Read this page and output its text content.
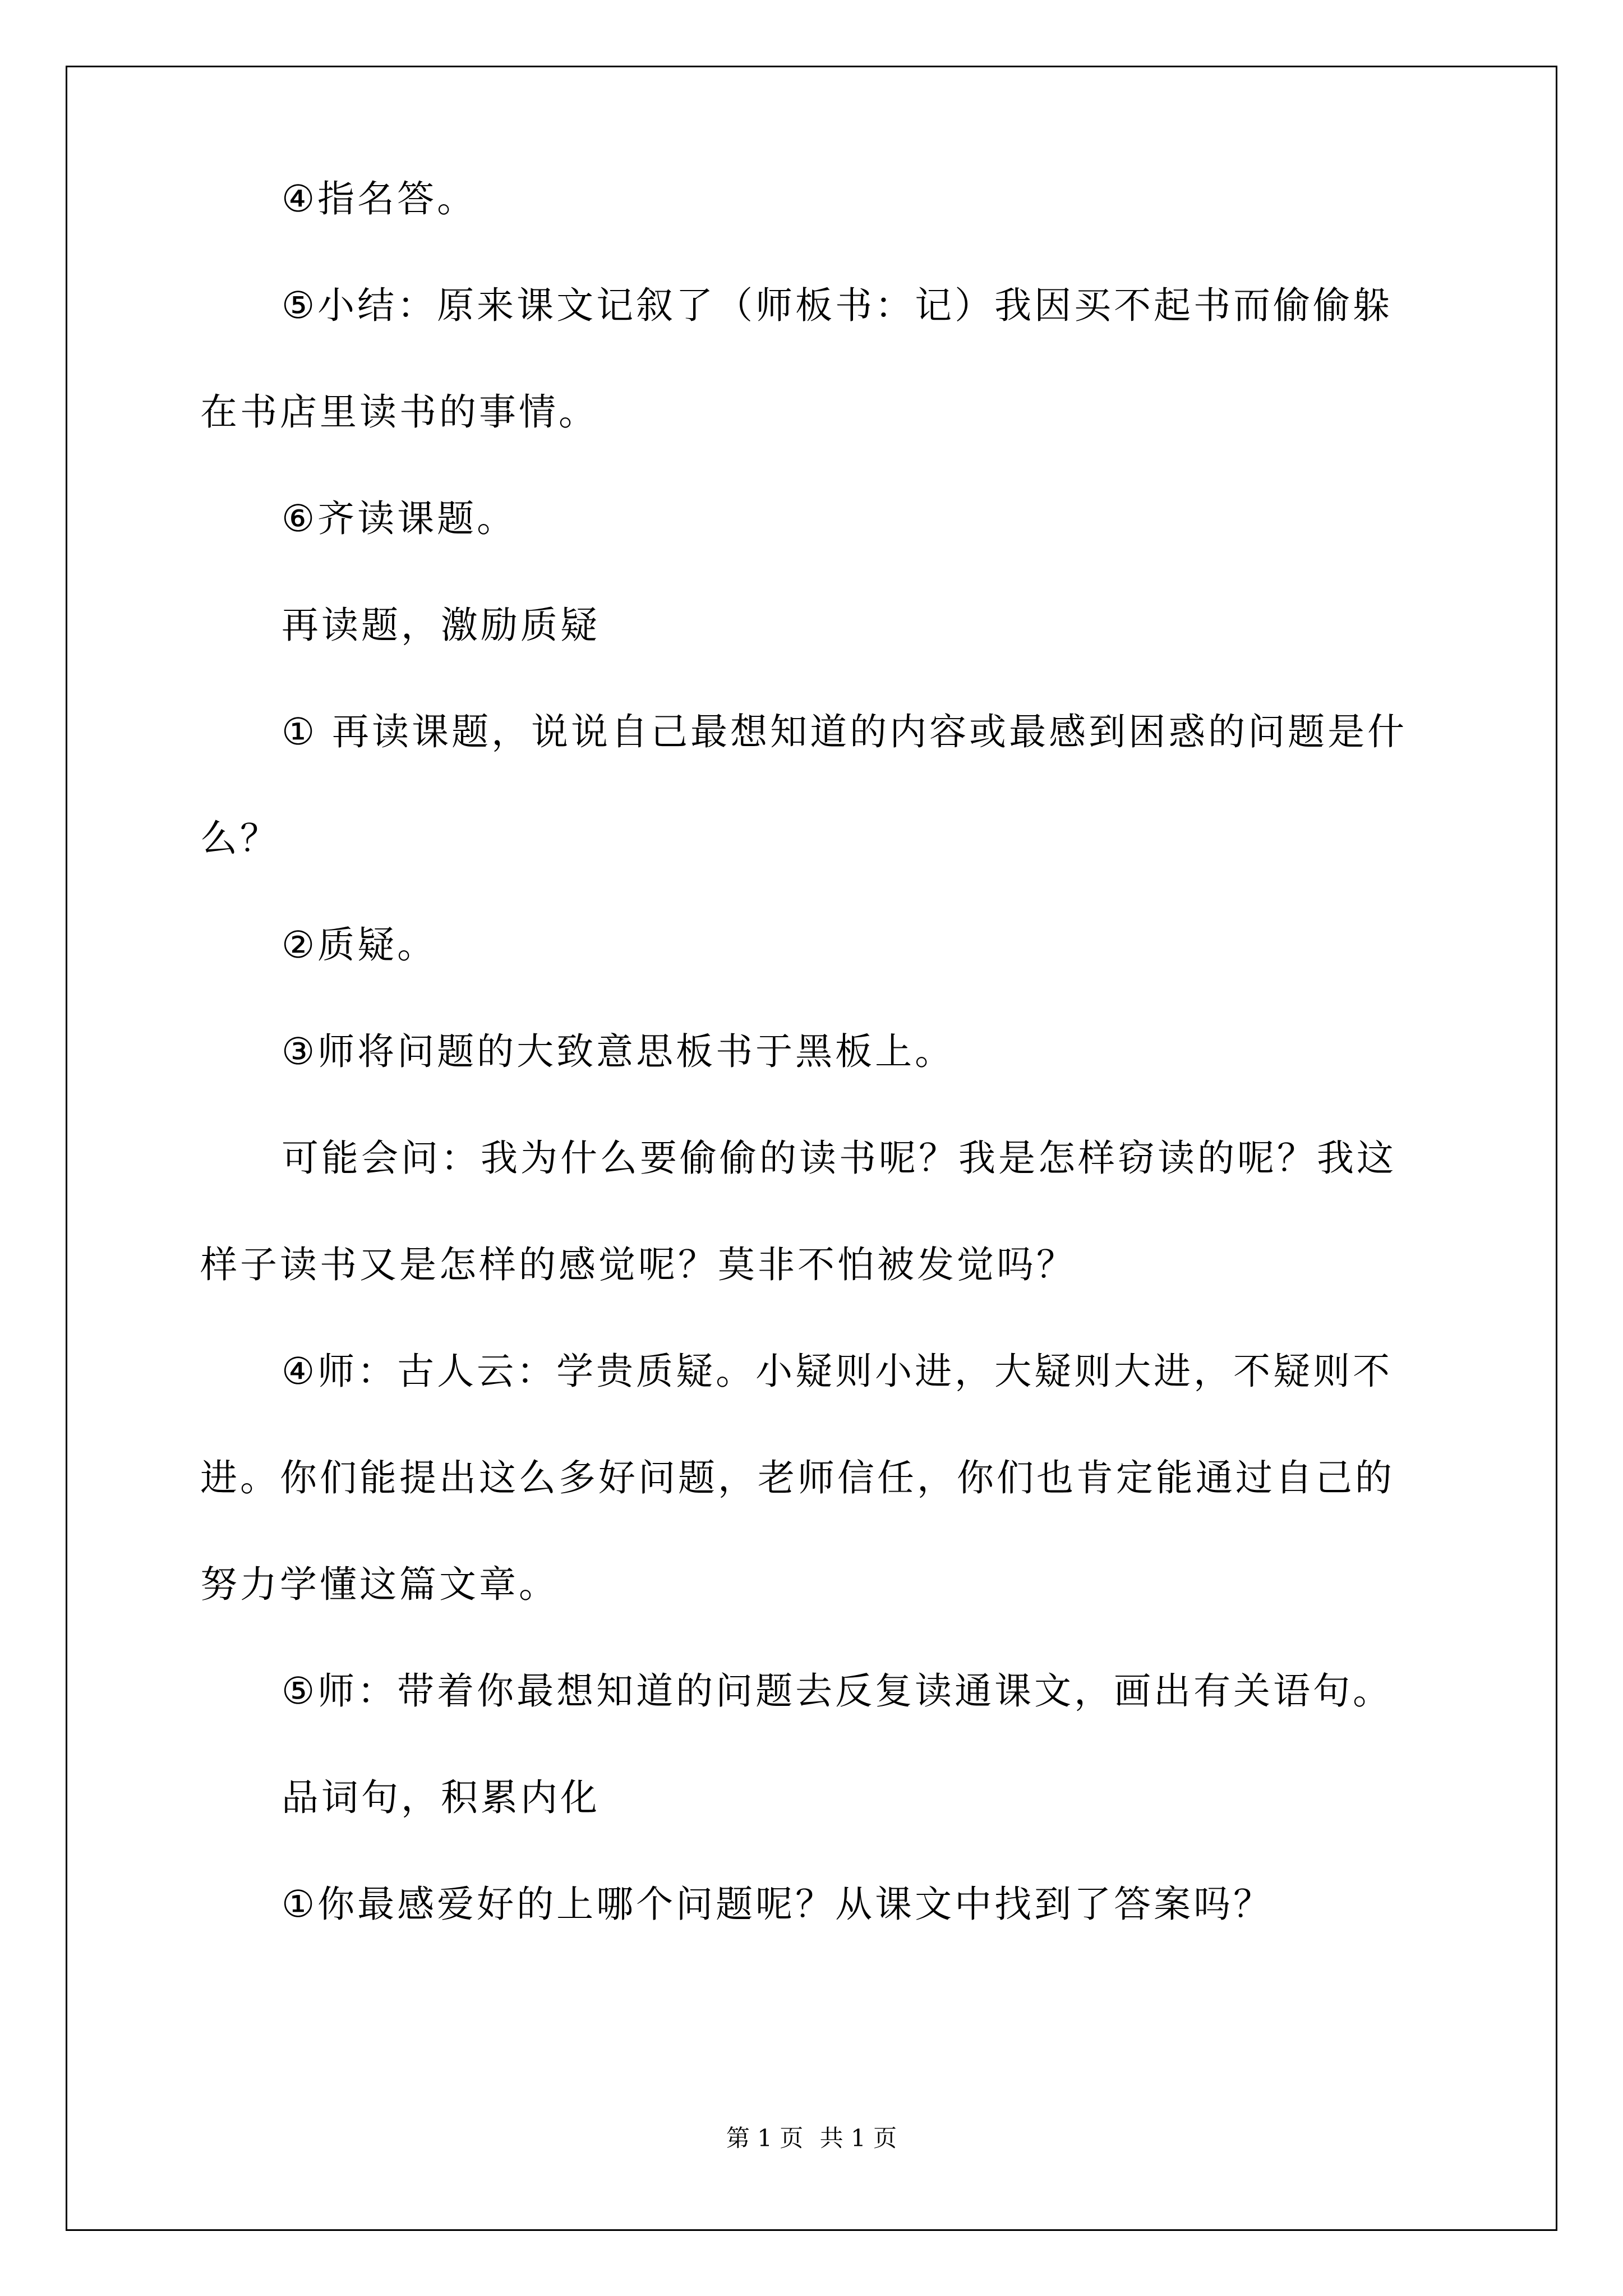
④指名答。
⑤小结：原来课文记叙了（师板书：记）我因买不起书而偷偷躲
在书店里读书的事情。
⑥齐读课题。
再读题，激励质疑
① 再读课题，说说自己最想知道的内容或最感到困惑的问题是什
么？
②质疑。
③师将问题的大致意思板书于黑板上。
可能会问：我为什么要偷偷的读书呢？我是怎样窃读的呢？我这
样子读书又是怎样的感觉呢？莫非不怕被发觉吗？
④师：古人云：学贵质疑。小疑则小进，大疑则大进，不疑则不
进。你们能提出这么多好问题，老师信任，你们也肯定能通过自己的
努力学懂这篇文章。
⑤师：带着你最想知道的问题去反复读通课文，画出有关语句。
品词句，积累内化
①你最感爱好的上哪个问题呢？从课文中找到了答案吗？
第 1 页 共 1 页
